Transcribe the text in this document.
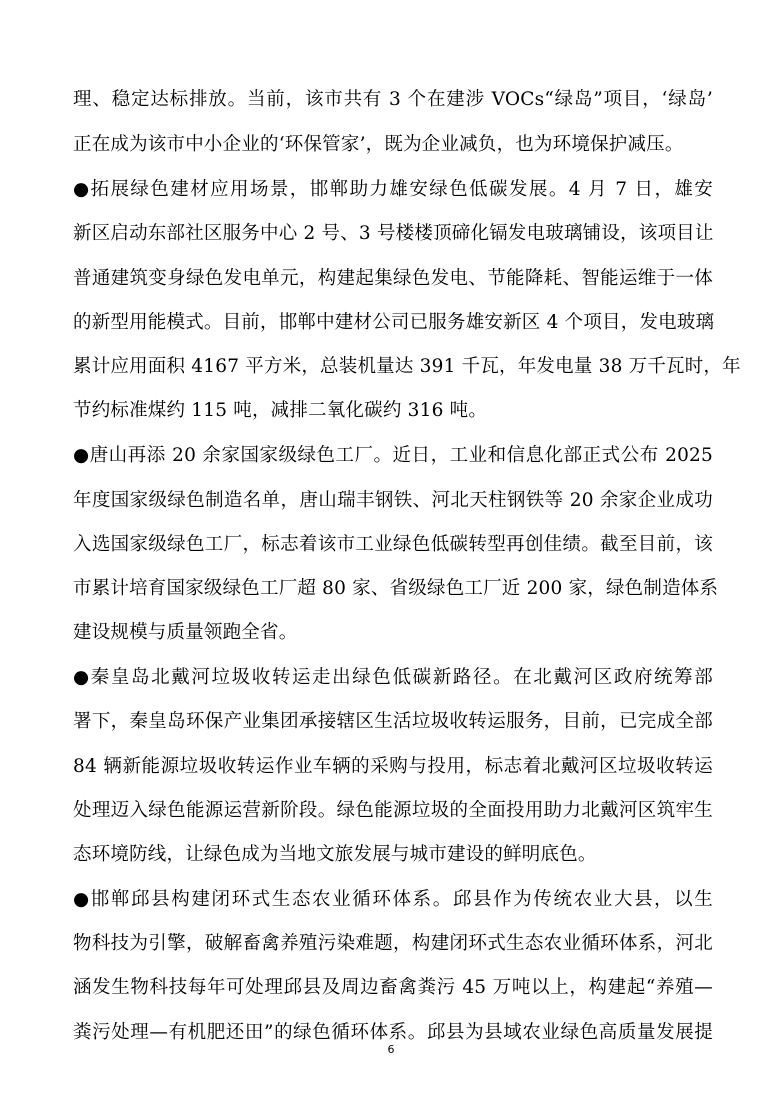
理、稳定达标排放。当前，该市共有 3 个在建涉 VOCs“绿岛”项目，‘绿岛’
正在成为该市中小企业的‘环保管家’，既为企业减负，也为环境保护减压。
●拓展绿色建材应用场景，邯郸助力雄安绿色低碳发展。4 月 7 日，雄安
新区启动东部社区服务中心 2 号、3 号楼楼顶碲化镉发电玻璃铺设，该项目让
普通建筑变身绿色发电单元，构建起集绿色发电、节能降耗、智能运维于一体
的新型用能模式。目前，邯郸中建材公司已服务雄安新区 4 个项目，发电玻璃
累计应用面积 4167 平方米，总装机量达 391 千瓦，年发电量 38 万千瓦时，年
节约标准煤约 115 吨，减排二氧化碳约 316 吨。
●唐山再添 20 余家国家级绿色工厂。近日，工业和信息化部正式公布 2025
年度国家级绿色制造名单，唐山瑞丰钢铁、河北天柱钢铁等 20 余家企业成功
入选国家级绿色工厂，标志着该市工业绿色低碳转型再创佳绩。截至目前，该
市累计培育国家级绿色工厂超 80 家、省级绿色工厂近 200 家，绿色制造体系
建设规模与质量领跑全省。
●秦皇岛北戴河垃圾收转运走出绿色低碳新路径。在北戴河区政府统筹部
署下，秦皇岛环保产业集团承接辖区生活垃圾收转运服务，目前，已完成全部
84 辆新能源垃圾收转运作业车辆的采购与投用，标志着北戴河区垃圾收转运
处理迈入绿色能源运营新阶段。绿色能源垃圾的全面投用助力北戴河区筑牢生
态环境防线，让绿色成为当地文旅发展与城市建设的鲜明底色。
●邯郸邱县构建闭环式生态农业循环体系。邱县作为传统农业大县，以生
物科技为引擎，破解畜禽养殖污染难题，构建闭环式生态农业循环体系，河北
涵发生物科技每年可处理邱县及周边畜禽粪污 45 万吨以上，构建起“养殖—
粪污处理—有机肥还田”的绿色循环体系。邱县为县域农业绿色高质量发展提
6
